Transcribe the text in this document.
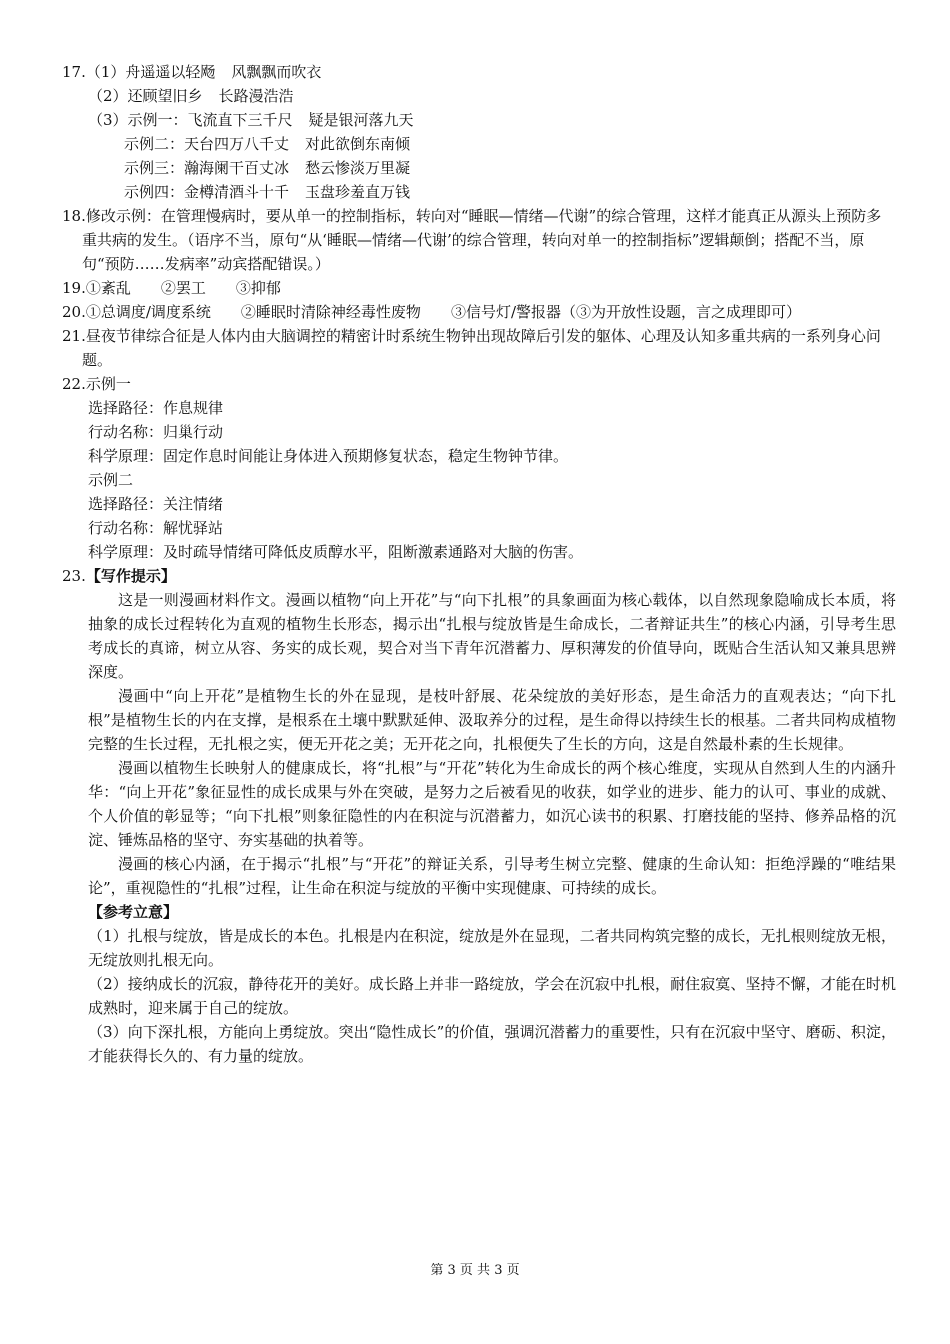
17.（1）舟遥遥以轻飏 风飘飘而吹衣
（2）还顾望旧乡 长路漫浩浩
（3）示例一：飞流直下三千尺 疑是银河落九天
示例二：天台四万八千丈 对此欲倒东南倾
示例三：瀚海阑干百丈冰 愁云惨淡万里凝
示例四：金樽清酒斗十千 玉盘珍羞直万钱
18.修改示例：在管理慢病时，要从单一的控制指标，转向对“睡眠—情绪—代谢”的综合管理，这样才能真正从源头上预防多重共病的发生。（语序不当，原句“从‘睡眠—情绪—代谢’的综合管理，转向对单一的控制指标”逻辑颠倒；搭配不当，原句“预防……发病率”动宾搭配错误。）
19.①紊乱 ②罢工 ③抑郁
20.①总调度/调度系统 ②睡眠时清除神经毒性废物 ③信号灯/警报器（③为开放性设题，言之成理即可）
21.昼夜节律综合征是人体内由大脑调控的精密计时系统生物钟出现故障后引发的躯体、心理及认知多重共病的一系列身心问题。
22.示例一
选择路径：作息规律
行动名称：归巢行动
科学原理：固定作息时间能让身体进入预期修复状态，稳定生物钟节律。
示例二
选择路径：关注情绪
行动名称：解忧驿站
科学原理：及时疏导情绪可降低皮质醇水平，阻断激素通路对大脑的伤害。
23.【写作提示】
这是一则漫画材料作文。漫画以植物“向上开花”与“向下扎根”的具象画面为核心载体，以自然现象隐喻成长本质，将抽象的成长过程转化为直观的植物生长形态，揭示出“扎根与绽放皆是生命成长，二者辩证共生”的核心内涵，引导考生思考成长的真谛，树立从容、务实的成长观，契合对当下青年沉潜蓄力、厚积薄发的价值导向，既贴合生活认知又兼具思辨深度。
漫画中“向上开花”是植物生长的外在显现，是枝叶舒展、花朵绽放的美好形态，是生命活力的直观表达；“向下扎根”是植物生长的内在支撑，是根系在土壤中默默延伸、汲取养分的过程，是生命得以持续生长的根基。二者共同构成植物完整的生长过程，无扎根之实，便无开花之美；无开花之向，扎根便失了生长的方向，这是自然最朴素的生长规律。
漫画以植物生长映射人的健康成长，将“扎根”与“开花”转化为生命成长的两个核心维度，实现从自然到人生的内涵升华：“向上开花”象征显性的成长成果与外在突破，是努力之后被看见的收获，如学业的进步、能力的认可、事业的成就、个人价值的彰显等；“向下扎根”则象征隐性的内在积淀与沉潜蓄力，如沉心读书的积累、打磨技能的坚持、修养品格的沉淀、锤炼品格的坚守、夯实基础的执着等。
漫画的核心内涵，在于揭示“扎根”与“开花”的辩证关系，引导考生树立完整、健康的生命认知：拒绝浮躁的“唯结果论”，重视隐性的“扎根”过程，让生命在积淀与绽放的平衡中实现健康、可持续的成长。
【参考立意】
（1）扎根与绽放，皆是成长的本色。扎根是内在积淀，绽放是外在显现，二者共同构筑完整的成长，无扎根则绽放无根，无绽放则扎根无向。
（2）接纳成长的沉寂，静待花开的美好。成长路上并非一路绽放，学会在沉寂中扎根，耐住寂寞、坚持不懈，才能在时机成熟时，迎来属于自己的绽放。
（3）向下深扎根，方能向上勇绽放。突出“隐性成长”的价值，强调沉潜蓄力的重要性，只有在沉寂中坚守、磨砺、积淀，才能获得长久的、有力量的绽放。
第 3 页 共 3 页
